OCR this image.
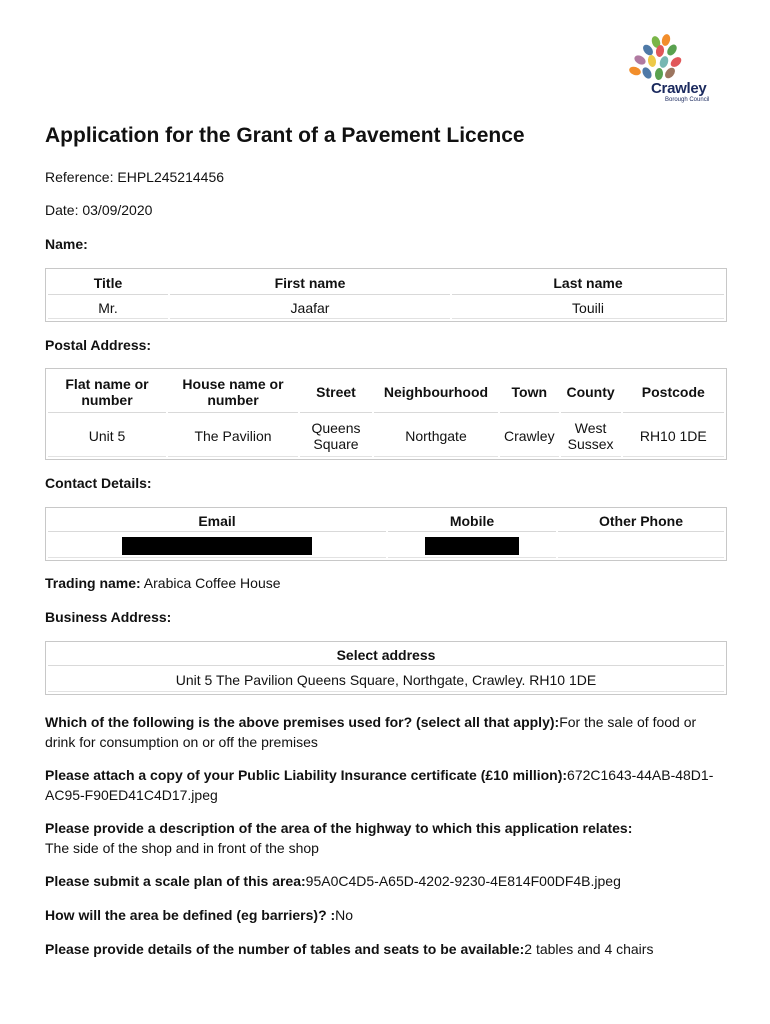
Crawley
Borough Council
Application for the Grant of a Pavement Licence
Reference: EHPL245214456
Date: 03/09/2020
Name:
Title	First name	Last name
Mr.	Jaafar	Touili
Postal Address:
Flat name or number	House name or number	Street	Neighbourhood	Town	County	Postcode
Unit 5	The Pavilion	Queens Square	Northgate	Crawley	West Sussex	RH10 1DE
Contact Details:
Email	Mobile	Other Phone

Trading name: Arabica Coffee House
Business Address:
Select address
Unit 5 The Pavilion Queens Square, Northgate, Crawley. RH10 1DE
Which of the following is the above premises used for? (select all that apply):For the sale of food or drink for consumption on or off the premises
Please attach a copy of your Public Liability Insurance certificate (£10 million):672C1643-44AB-48D1-AC95-F90ED41C4D17.jpeg
Please provide a description of the area of the highway to which this application relates:
The side of the shop and in front of the shop
Please submit a scale plan of this area:95A0C4D5-A65D-4202-9230-4E814F00DF4B.jpeg
How will the area be defined (eg barriers)? :No
Please provide details of the number of tables and seats to be available:2 tables and 4 chairs
